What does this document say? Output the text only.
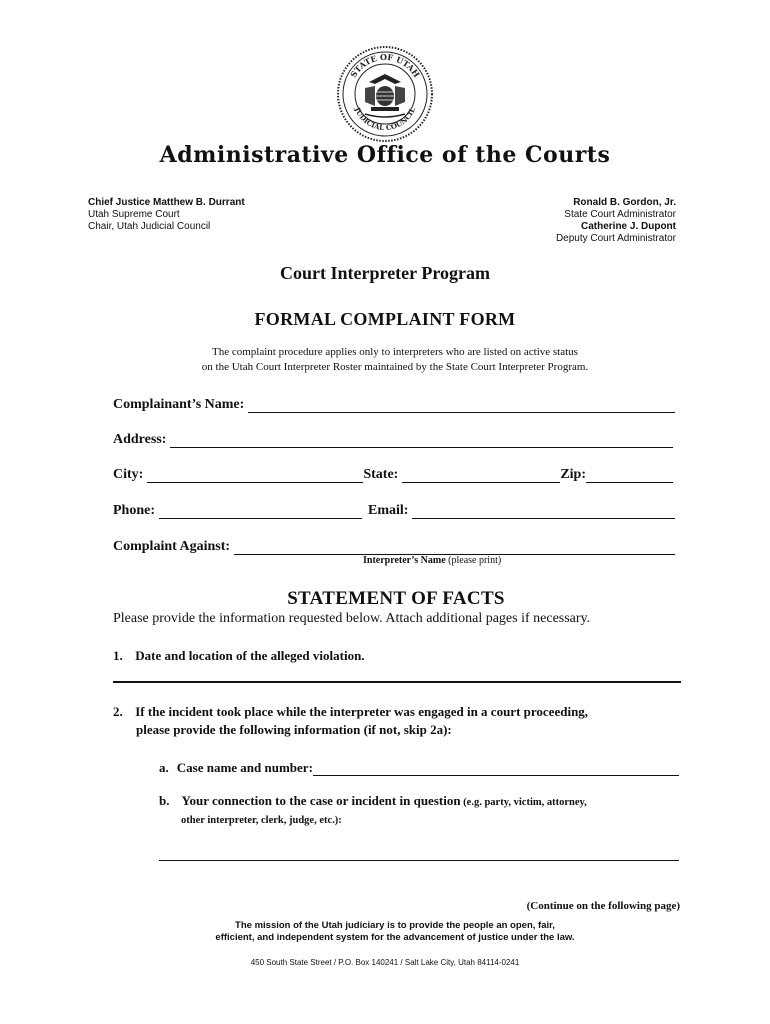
STATE OF UTAH
JUDICIAL COUNCIL
Administrative Office of the Courts
Chief Justice Matthew B. Durrant
Utah Supreme Court
Chair, Utah Judicial Council
Ronald B. Gordon, Jr.
State Court Administrator
Catherine J. Dupont
Deputy Court Administrator
Court Interpreter Program
FORMAL COMPLAINT FORM
The complaint procedure applies only to interpreters who are listed on active status
on the Utah Court Interpreter Roster maintained by the State Court Interpreter Program.
Complainant’s Name:
Address:
City:	State:	Zip:
Phone:	Email:
Complaint Against:
Interpreter’s Name (please print)
STATEMENT OF FACTS
Please provide the information requested below. Attach additional pages if necessary.
1. Date and location of the alleged violation.
2. If the incident took place while the interpreter was engaged in a court proceeding,
please provide the following information (if not, skip 2a):
a. Case name and number:
b. Your connection to the case or incident in question (e.g. party, victim, attorney,
other interpreter, clerk, judge, etc.):
(Continue on the following page)
The mission of the Utah judiciary is to provide the people an open, fair,
efficient, and independent system for the advancement of justice under the law.
450 South State Street / P.O. Box 140241 / Salt Lake City, Utah 84114-0241
